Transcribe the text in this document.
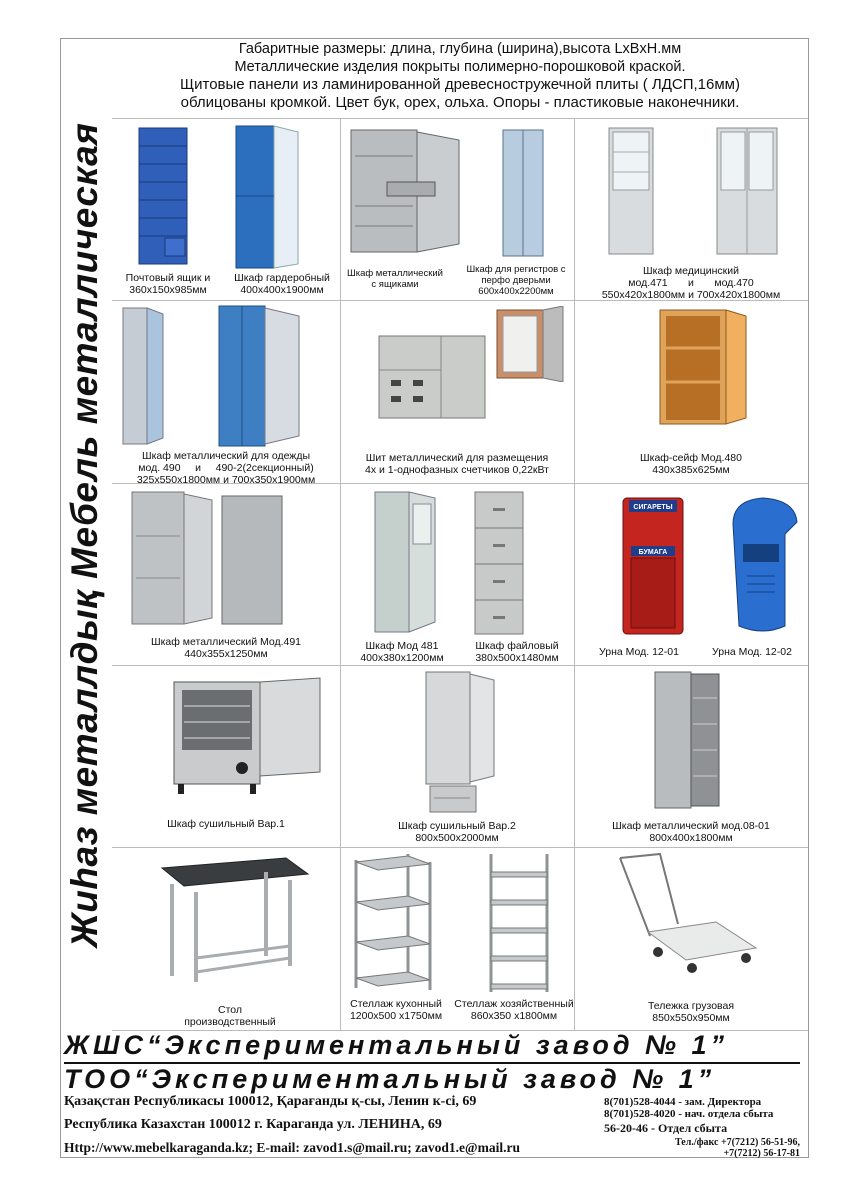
Жиhаз металлдық Мебель металлическая
Габаритные размеры: длина, глубина (ширина),высота LxBxH.мм
Металлические изделия покрыты полимерно-порошковой краской.
Щитовые панели из ламинированной древесностружечной плиты ( ЛДСП,16мм)
облицованы кромкой. Цвет бук, орех, ольха. Опоры - пластиковые наконечники.
Почтовый ящик и
360х150х985мм
Шкаф гардеробный
400х400х1900мм
Шкаф металлический
с ящиками
Шкаф для регистров с
перфо дверьми
600х400х2200мм
Шкаф медицинский
мод.471       и       мод.470
550х420х1800мм и 700х420х1800мм
Шкаф металлический для одежды
мод. 490     и     490-2(2секционный)
325х550х1800мм и 700х350х1900мм
Шит металлический для размещения
4х и 1-однофазных счетчиков 0,22кВт
Шкаф-сейф Мод.480
430х385х625мм
Шкаф металлический Мод.491
440х355х1250мм
Шкаф Мод 481
400х380х1200мм
Шкаф файловый
380х500х1480мм
СИГАРЕТЫ
БУМАГА
Урна Мод. 12-01	Урна Мод. 12-02
Шкаф сушильный Вар.1	Шкаф сушильный Вар.2
800х500х2000мм
Шкаф металлический мод.08-01
800х400х1800мм
Стол
производственный
Стеллаж кухонный
1200х500 х1750мм
Стеллаж хозяйственный
860х350 х1800мм
Тележка грузовая
850х550х950мм
ЖШС“Экспериментальный завод № 1”
ТОО“Экспериментальный завод № 1”
Қазақстан Республикасы 100012, Қарағанды қ-сы, Ленин к-сі, 69
Республика Казахстан 100012 г. Караганда ул. ЛЕНИНА, 69
Http://www.mebelkaraganda.kz; E-mail: zavod1.s@mail.ru; zavod1.e@mail.ru
8(701)528-4044 - зам. Директора
8(701)528-4020 - нач. отдела сбыта
56-20-46 - Отдел сбыта
Тел./факс +7(7212) 56-51-96,
+7(7212) 56-17-81
